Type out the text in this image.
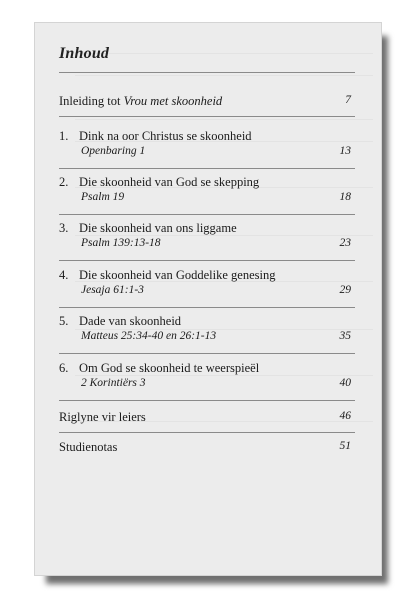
Inhoud
Inleiding tot Vrou met skoonheid	7
1. Dink na oor Christus se skoonheid
Openbaring 1	13
2. Die skoonheid van God se skepping
Psalm 19	18
3. Die skoonheid van ons liggame
Psalm 139:13-18	23
4. Die skoonheid van Goddelike genesing
Jesaja 61:1-3	29
5. Dade van skoonheid
Matteus 25:34-40 en 26:1-13	35
6. Om God se skoonheid te weerspieël
2 Korintiërs 3	40
Riglyne vir leiers	46
Studienotas	51
